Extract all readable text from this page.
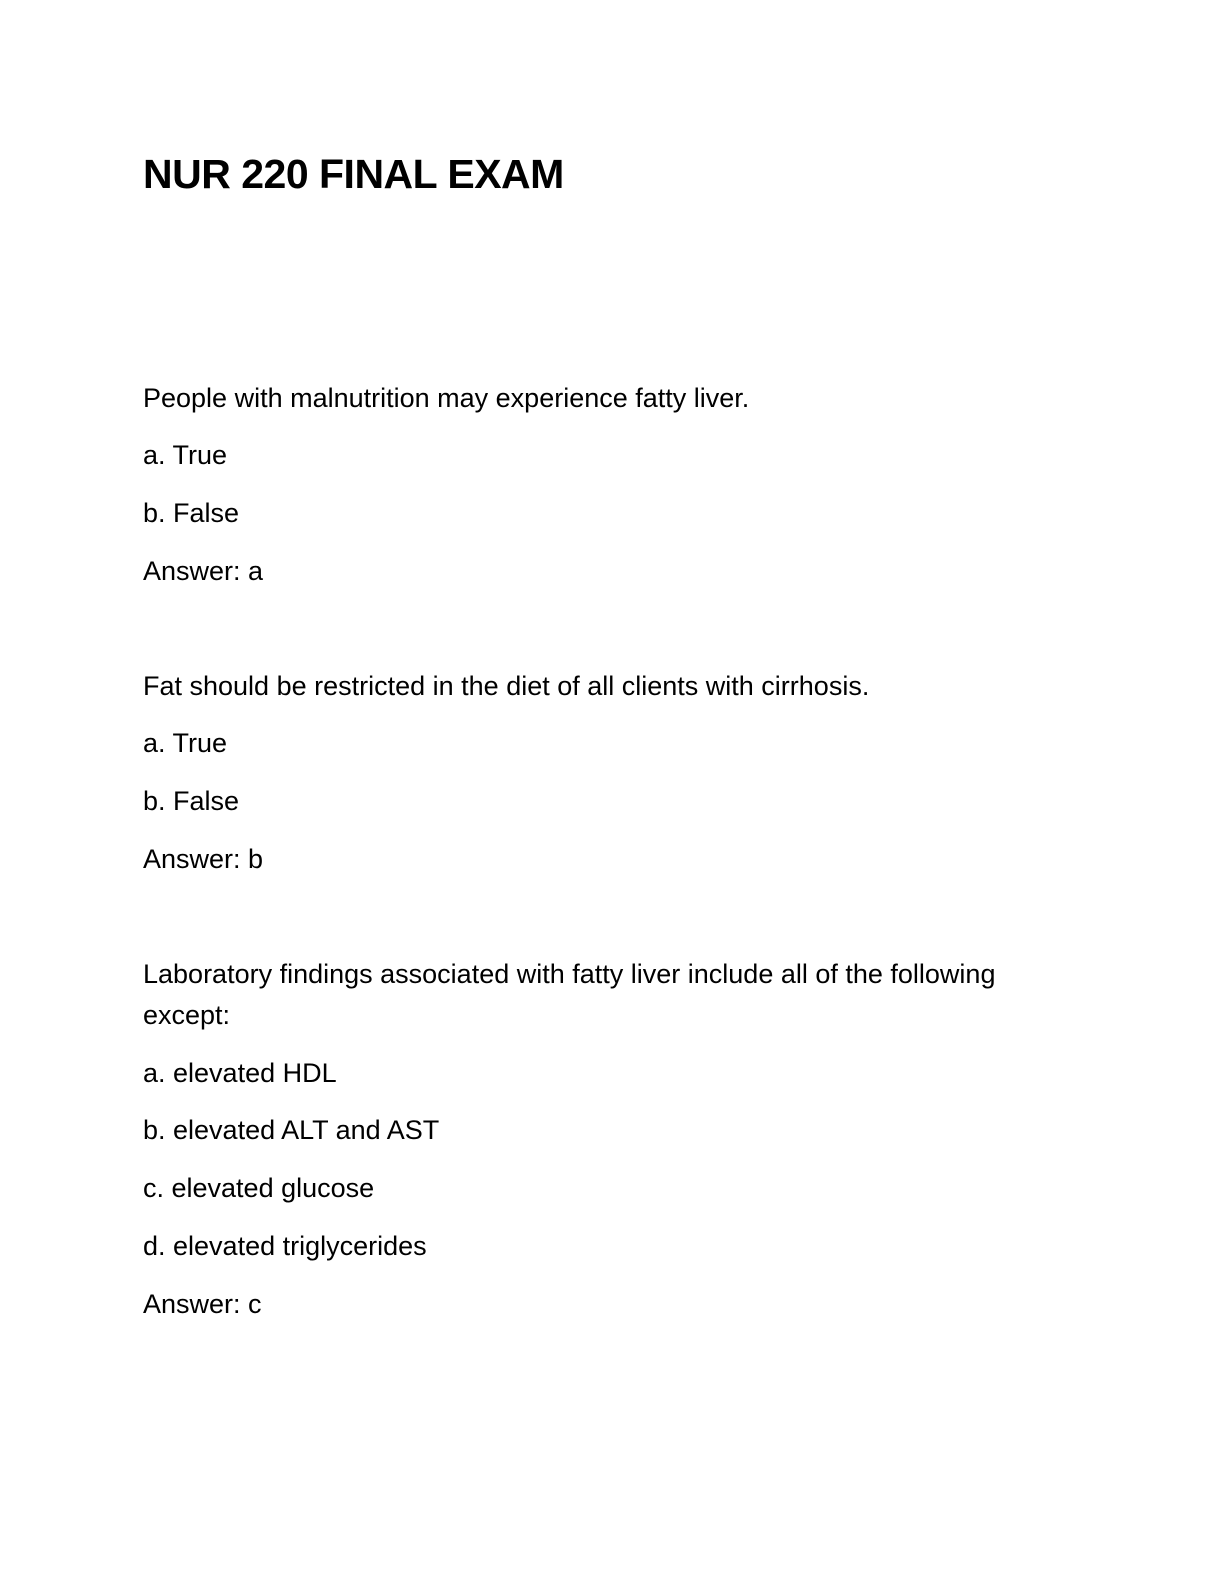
NUR 220 FINAL EXAM

People with malnutrition may experience fatty liver.

a. True

b. False

Answer: a

Fat should be restricted in the diet of all clients with cirrhosis.

a. True

b. False

Answer: b

Laboratory findings associated with fatty liver include all of the following except:

a. elevated HDL

b. elevated ALT and AST

c. elevated glucose

d. elevated triglycerides

Answer: c
